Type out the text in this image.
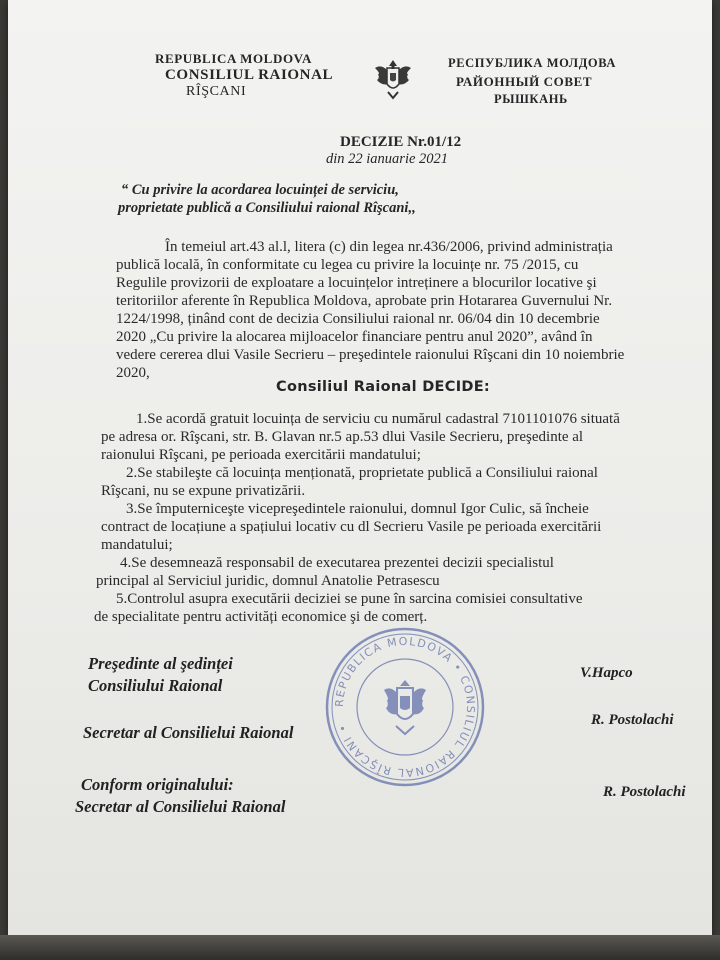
REPUBLICA MOLDOVA
CONSILIUL RAIONAL
RÎŞCANI
РЕСПУБЛИКА МОЛДОВА
РАЙОННЫЙ СОВЕТ
РЫШКАНЬ
DECIZIE Nr.01/12
din 22 ianuarie 2021
“ Cu privire la acordarea locuinței de serviciu,
proprietate publică a Consiliului raional Rîşcani,,
În temeiul art.43 al.l, litera (c) din legea nr.436/2006, privind administrația
publică locală, în conformitate cu legea cu privire la locuințe nr. 75 /2015, cu
Regulile provizorii de exploatare a locuințelor intreținere a blocurilor locative şi
teritoriilor aferente în Republica Moldova, aprobate prin Hotararea Guvernului Nr.
1224/1998, ținând cont de decizia Consiliului raional nr. 06/04 din 10 decembrie
2020 „Cu privire la alocarea mijloacelor financiare pentru anul 2020”, având în
vedere cererea dlui Vasile Secrieru – preşedintele raionului Rîşcani din 10 noiembrie
2020,
Consiliul Raional DECIDE:
1.Se acordă gratuit locuința de serviciu cu numărul cadastral 7101101076 situată
pe adresa or. Rîşcani, str. B. Glavan nr.5 ap.53 dlui Vasile Secrieru, preşedinte al
raionului Rîşcani, pe perioada exercitării mandatului;
2.Se stabileşte că locuința menționată, proprietate publică a Consiliului raional
Rîşcani, nu se expune privatizării.
3.Se împuterniceşte vicepreşedintele raionului, domnul Igor Culic, să încheie
contract de locațiune a spațiului locativ cu dl Secrieru Vasile pe perioada exercitării
mandatului;
4.Se desemnează responsabil de executarea prezentei decizii specialistul
principal al Serviciul juridic, domnul Anatolie Petrasescu
5.Controlul asupra executării deciziei se pune în sarcina comisiei consultative
de specialitate pentru activități economice şi de comerț.
REPUBLICA MOLDOVA • CONSILIUL RAIONAL RÎŞCANI •
Preşedinte al şedinței
Consiliului Raional
V.Hapco
Secretar al Consilielui Raional
R. Postolachi
Conform originalului:
Secretar al Consilielui Raional
R. Postolachi
